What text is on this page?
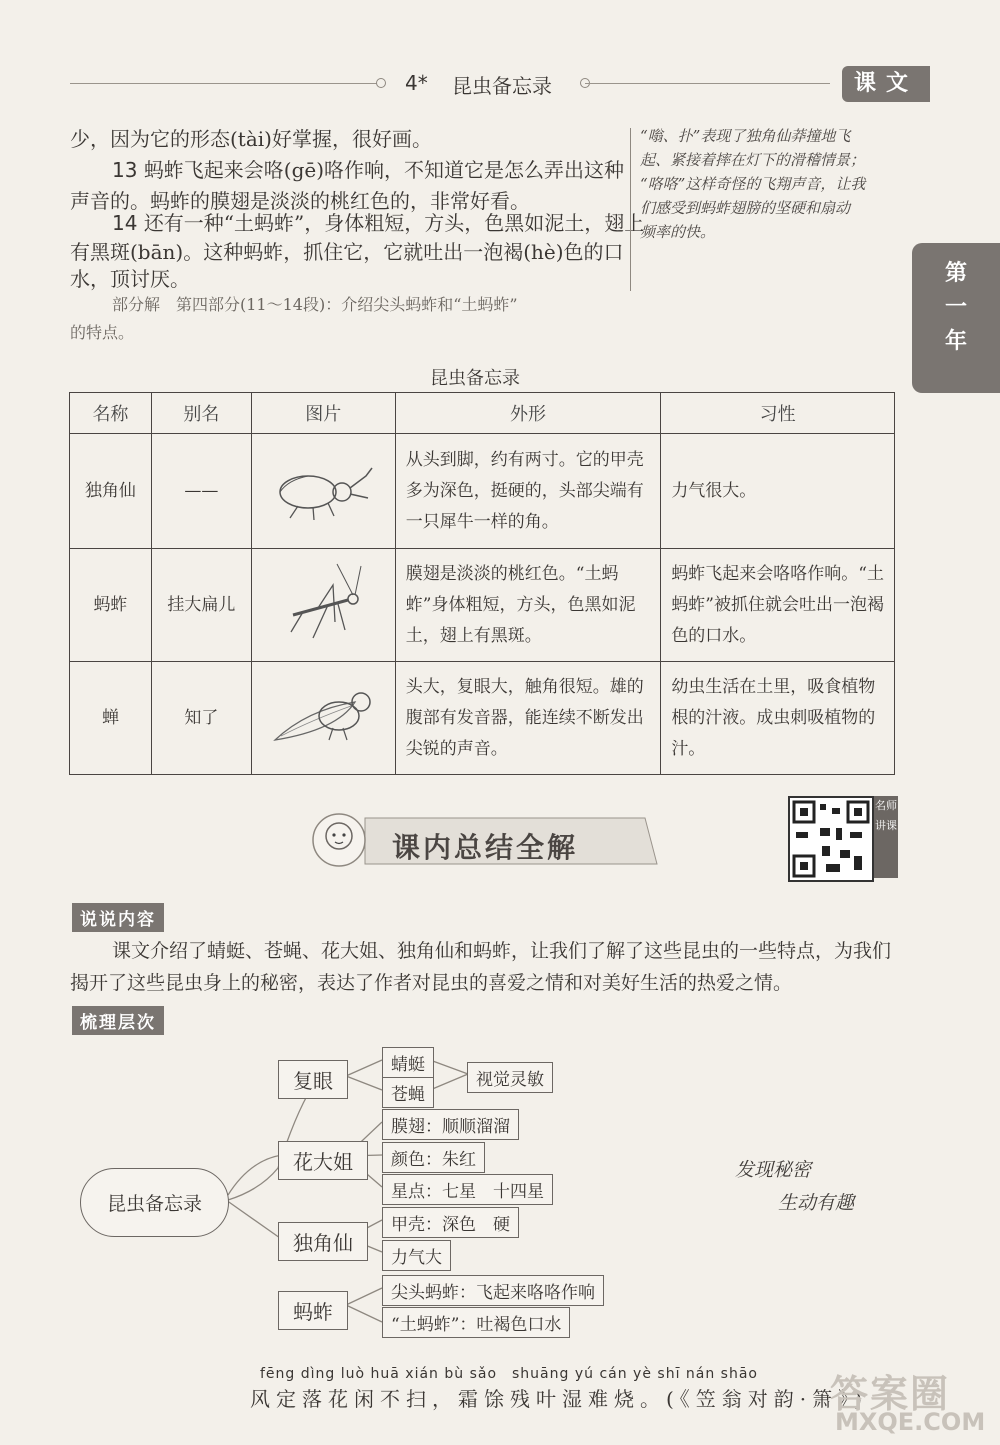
4* 昆虫备忘录	课文
第
一
年
少，因为它的形态(tài)好掌握，很好画。
13 蚂蚱飞起来会咯(gē)咯作响，不知道它是怎么弄出这种
声音的。蚂蚱的膜翅是淡淡的桃红色的，非常好看。
14 还有一种“土蚂蚱”，身体粗短，方头，色黑如泥土，翅上
有黑斑(bān)。这种蚂蚱，抓住它，它就吐出一泡褐(hè)色的口
水，顶讨厌。
部分解　第四部分(11～14段)：介绍尖头蚂蚱和“土蚂蚱”
的特点。
“嗡、扑”表现了独角仙莽撞地飞
起、紧接着摔在灯下的滑稽情景；
“咯咯”这样奇怪的飞翔声音，让我
们感受到蚂蚱翅膀的坚硬和扇动
频率的快。
昆虫备忘录
名称	别名	图片	外形	习性
独角仙	——		从头到脚，约有两寸。它的甲壳多为深色，挺硬的，头部尖端有一只犀牛一样的角。	力气很大。
蚂蚱	挂大扁儿		膜翅是淡淡的桃红色。“土蚂蚱”身体粗短，方头，色黑如泥土，翅上有黑斑。	蚂蚱飞起来会咯咯作响。“土蚂蚱”被抓住就会吐出一泡褐色的口水。
蝉	知了		头大，复眼大，触角很短。雄的腹部有发音器，能连续不断发出尖锐的声音。	幼虫生活在土里，吸食植物根的汁液。成虫刺吸植物的汁。
课内总结全解
名师讲课
说说内容
课文介绍了蜻蜓、苍蝇、花大姐、独角仙和蚂蚱，让我们了解了这些昆虫的一些特点，为我们
揭开了这些昆虫身上的秘密，表达了作者对昆虫的喜爱之情和对美好生活的热爱之情。
梳理层次
昆虫备忘录
复眼
蜻蜓
苍蝇
视觉灵敏
花大姐
膜翅：顺顺溜溜
颜色：朱红
星点：七星　十四星
独角仙
甲壳：深色　硬
力气大
蚂蚱
尖头蚂蚱：飞起来咯咯作响
“土蚂蚱”：吐褐色口水
发现秘密
生动有趣
fēng dìng luò huā xián bù sǎo　shuāng yú cán yè shī nán shāo
风定落花闲不扫，霜馀残叶湿难烧。(《笠翁对韵·箫》)
答案圈
MXQE.COM
